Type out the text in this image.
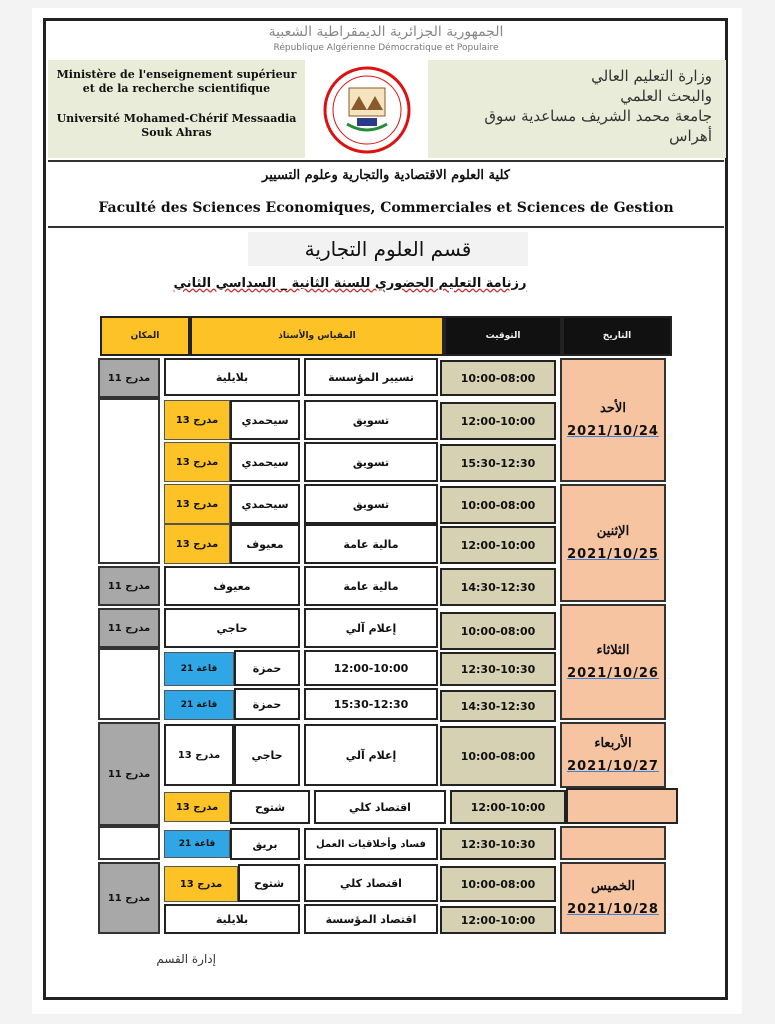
الجمهورية الجزائرية الديمقراطية الشعبية
République Algérienne Démocratique et Populaire
Ministère de l'enseignement supérieur
et de la recherche scientifique
Université Mohamed-Chérif Messaadia
Souk Ahras
وزارة التعليم العالي
والبحث العلمي
جامعة محمد الشريف مساعدية سوق
أهراس
كلية العلوم الاقتصادية والتجارية وعلوم التسيير
Faculté des Sciences Economiques, Commerciales et Sciences de Gestion
قسم العلوم التجارية
رزنامة التعليم الحضوري للسنة الثانية _ السداسي الثاني
التاريخ
التوقيت
المقياس والأستاذ
المكان
الأحد
2021/10/24
الإثنين
2021/10/25
الثلاثاء
2021/10/26
الأربعاء
2021/10/27
الخميس
2021/10/28
مدرج 11
مدرج 11
مدرج 11
مدرج 11
مدرج 11
10:00-08:00
تسيير المؤسسة
بلايلية
12:00-10:00
تسويق
سيحمدي
مدرج 13
15:30-12:30
تسويق
سيحمدي
مدرج 13
10:00-08:00
تسويق
سيحمدي
مدرج 13
12:00-10:00
مالية عامة
معيوف
مدرج 13
14:30-12:30
مالية عامة
معيوف
10:00-08:00
إعلام آلي
حاجي
12:30-10:30
12:00-10:00
حمزة
قاعة 21
14:30-12:30
15:30-12:30
حمزة
قاعة 21
10:00-08:00
إعلام آلي
حاجي
مدرج 13
12:00-10:00
اقتصاد كلي
شتوح
مدرج 13
12:30-10:30
فساد وأخلاقيات العمل
بريق
قاعة 21
10:00-08:00
اقتصاد كلي
شتوح
مدرج 13
12:00-10:00
اقتصاد المؤسسة
بلايلية
إدارة القسم
